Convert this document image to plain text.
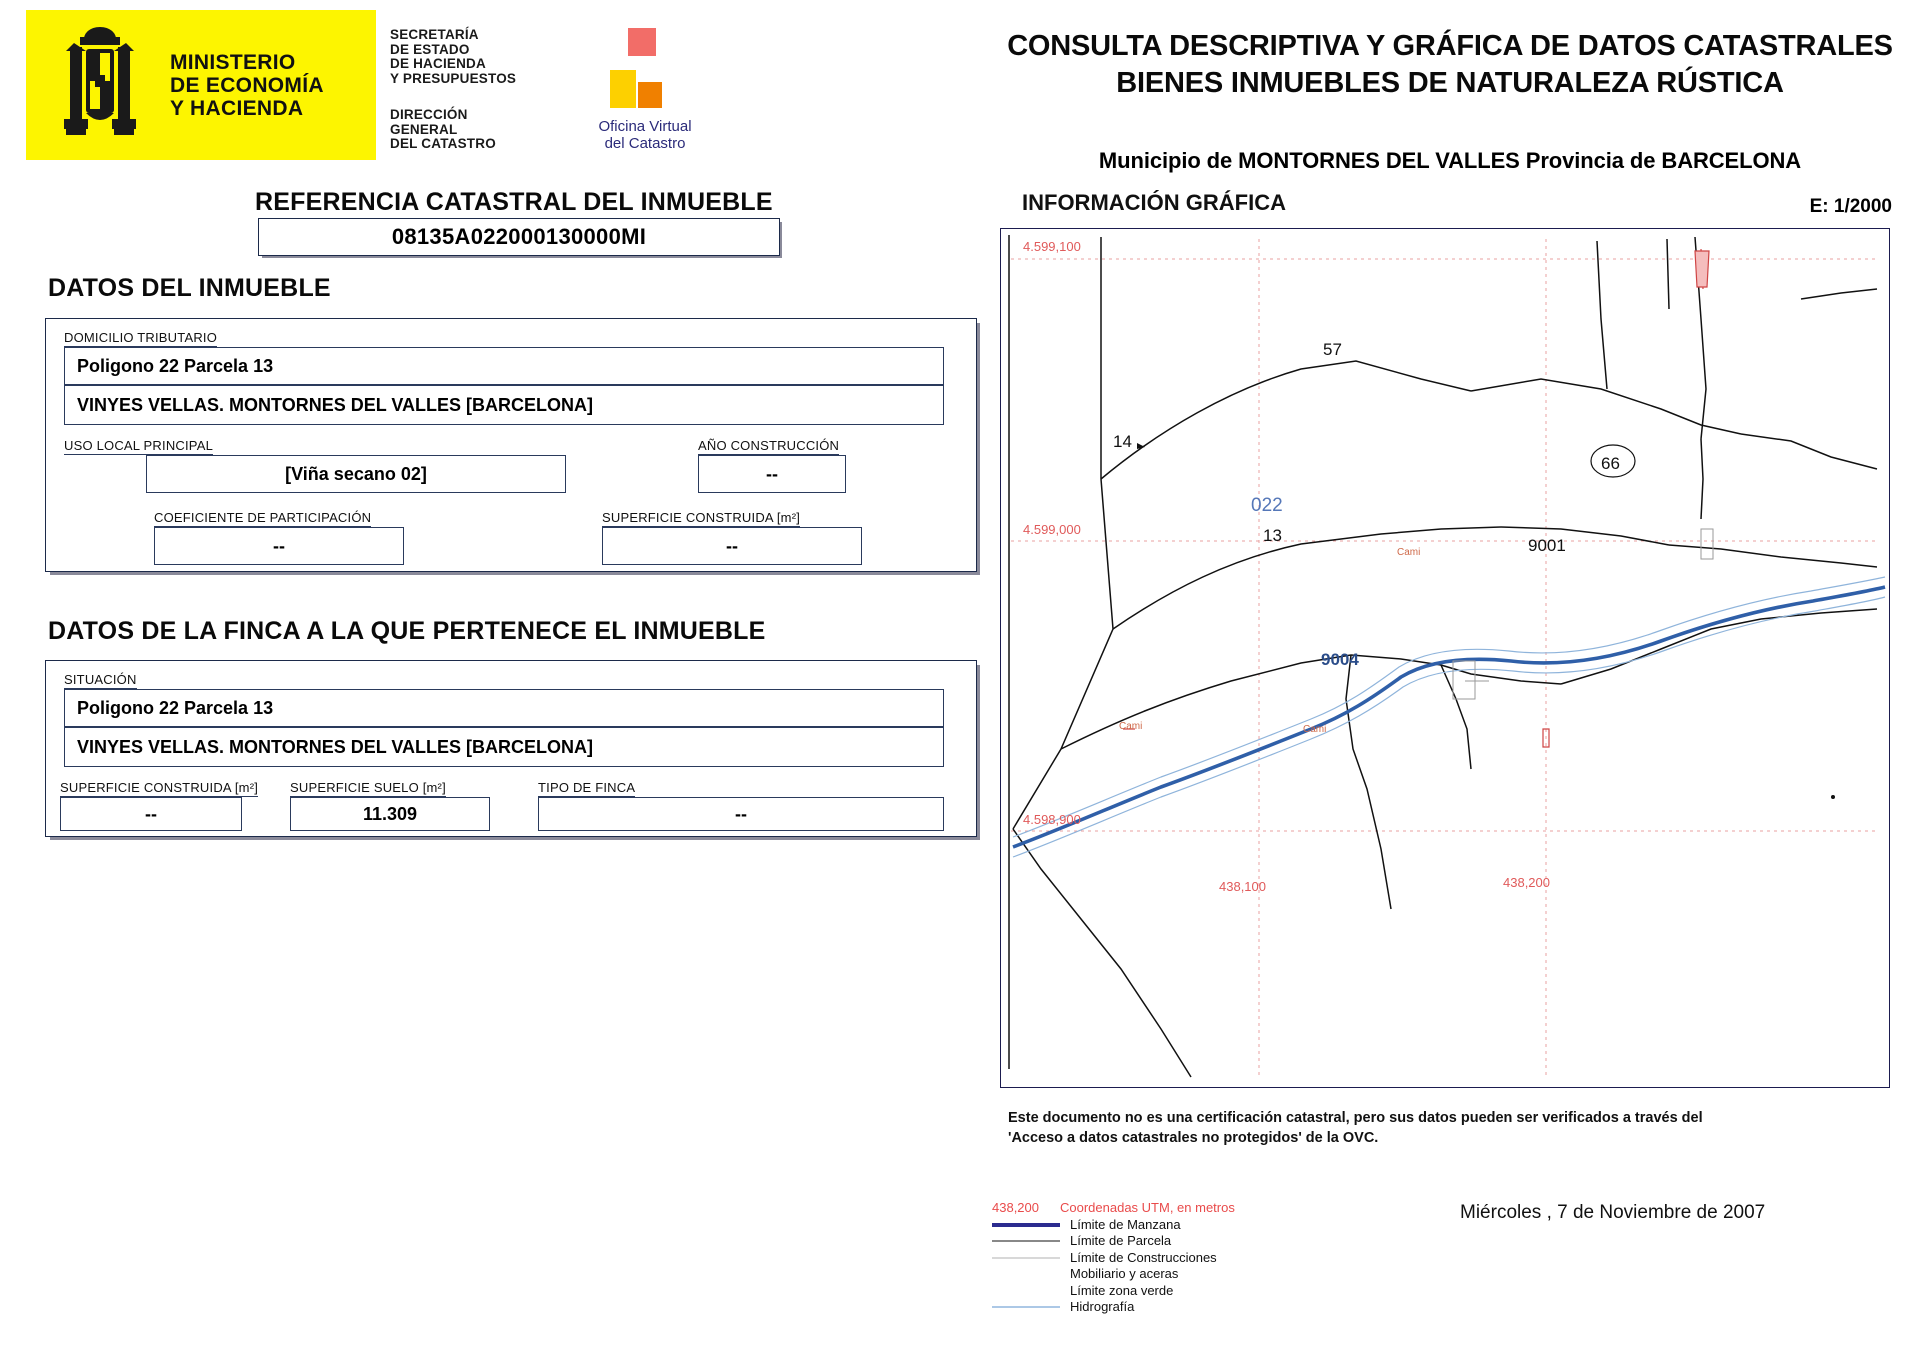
MINISTERIO
DE ECONOMÍA
Y HACIENDA
SECRETARÍA
DE ESTADO
DE HACIENDA
Y PRESUPUESTOS
DIRECCIÓN
GENERAL
DEL CATASTRO
Oficina Virtual
del Catastro
REFERENCIA CATASTRAL DEL INMUEBLE
08135A022000130000MI
DATOS DEL INMUEBLE
DOMICILIO TRIBUTARIO
Poligono 22 Parcela 13
VINYES VELLAS. MONTORNES DEL VALLES [BARCELONA]
USO LOCAL PRINCIPAL
[Viña secano 02]
AÑO CONSTRUCCIÓN
--
COEFICIENTE DE PARTICIPACIÓN
--
SUPERFICIE CONSTRUIDA [m²]
--
DATOS DE LA FINCA A LA QUE PERTENECE EL INMUEBLE
SITUACIÓN
Poligono 22 Parcela 13
VINYES VELLAS. MONTORNES DEL VALLES [BARCELONA]
SUPERFICIE CONSTRUIDA [m²]
--
SUPERFICIE SUELO [m²]
11.309
TIPO DE FINCA
--
CONSULTA DESCRIPTIVA Y GRÁFICA DE DATOS CATASTRALES
BIENES INMUEBLES DE NATURALEZA RÚSTICA
Municipio de MONTORNES DEL VALLES Provincia de BARCELONA
INFORMACIÓN GRÁFICA	E: 1/2000
4.599,100
4.599,000
4.598,900
438,100	438,200
57
14
66
13
9001
022
9004
Cami
Cami	Cami
Este documento no es una certificación catastral, pero sus datos pueden ser verificados a través del
'Acceso a datos catastrales no protegidos' de la OVC.
438,200	Coordenadas UTM, en metros
Límite de Manzana
Límite de Parcela
Límite de Construcciones
Mobiliario y aceras
Límite zona verde
Hidrografía
Miércoles , 7 de Noviembre de 2007
